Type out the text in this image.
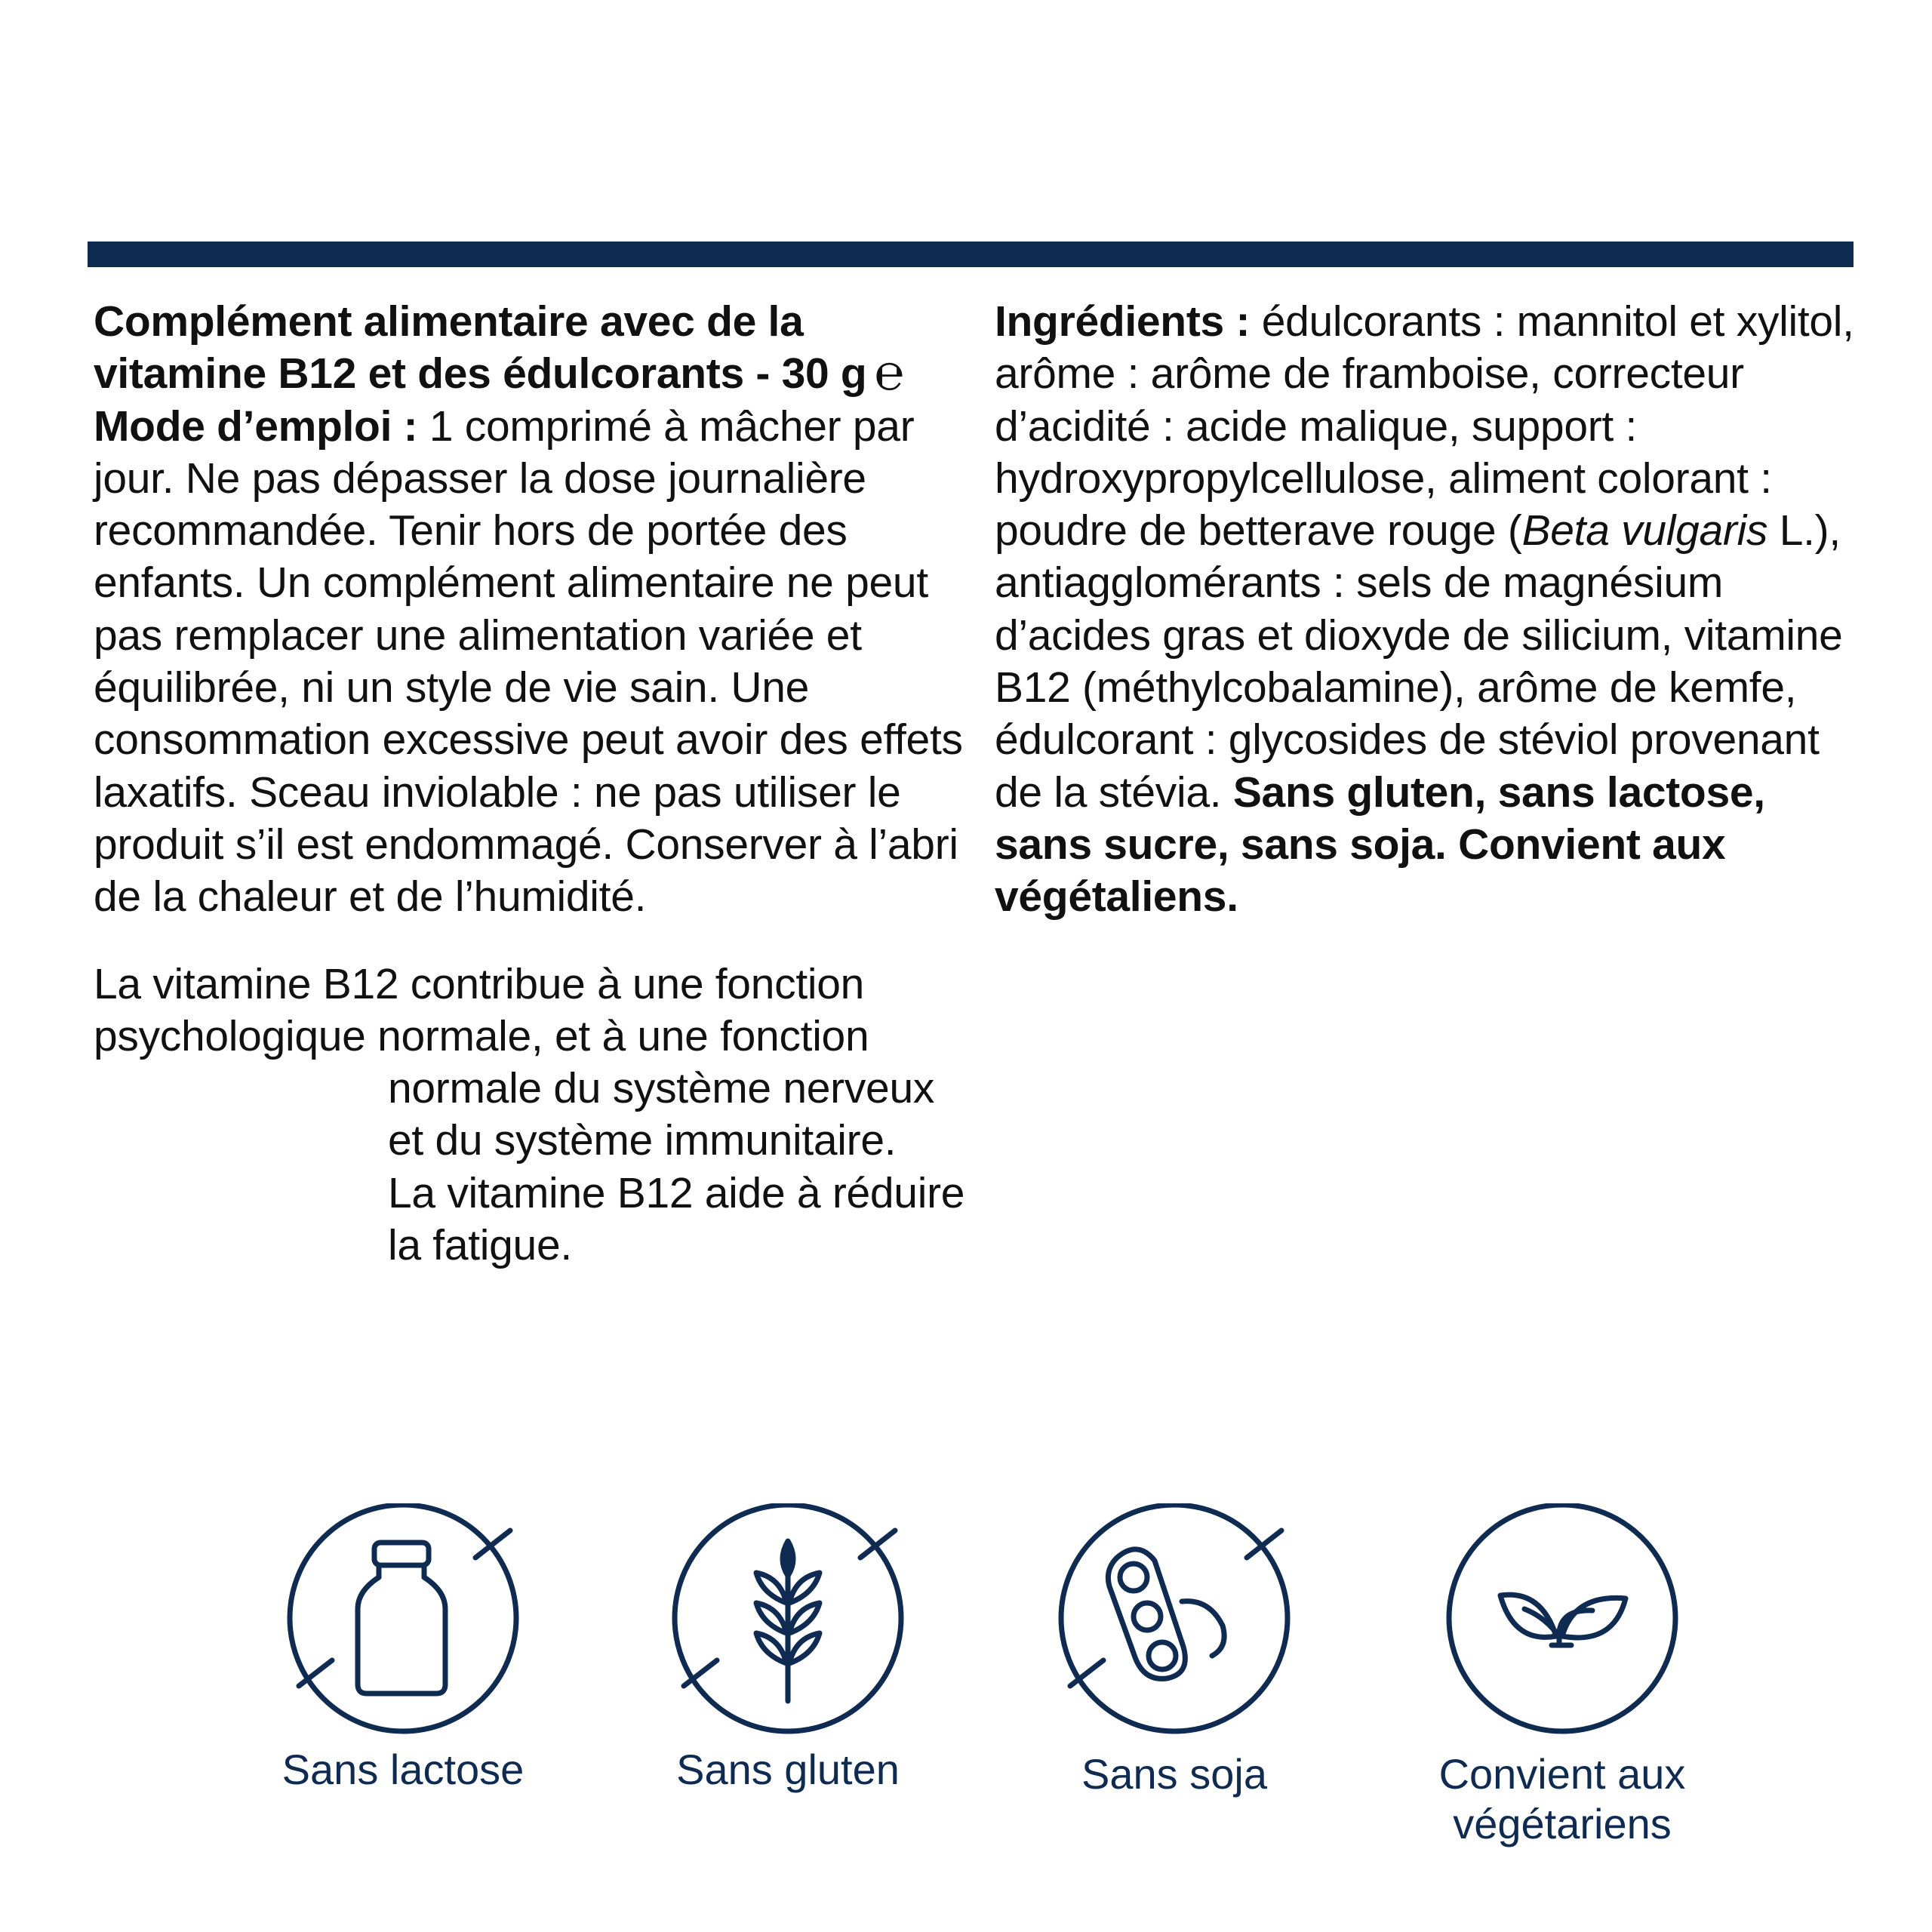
Complément alimentaire avec de la vitamine B12 et des édulcorants - 30 g ℮

Mode d’emploi : 1 comprimé à mâcher par jour. Ne pas dépasser la dose journalière recommandée. Tenir hors de portée des enfants. Un complément alimentaire ne peut pas remplacer une alimentation variée et équilibrée, ni un style de vie sain. Une consommation excessive peut avoir des effets laxatifs. Sceau inviolable : ne pas utiliser le produit s’il est endommagé. Conserver à l’abri de la chaleur et de l’humidité.

La vitamine B12 contribue à une fonction
psychologique normale, et à une fonction
normale du système nerveux
et du système immunitaire.
La vitamine B12 aide à réduire
la fatigue.

Ingrédients : édulcorants : mannitol et xylitol, arôme : arôme de framboise, correcteur d’acidité : acide malique, support : hydroxypropylcellulose, aliment colorant : poudre de betterave rouge (Beta vulgaris L.), antiagglomérants : sels de magnésium d’acides gras et dioxyde de silicium, vitamine B12 (méthylcobalamine), arôme de kemfe, édulcorant : glycosides de stéviol provenant de la stévia. Sans gluten, sans lactose, sans sucre, sans soja. Convient aux végétaliens.

Sans lactose	Sans gluten	Sans soja	Convient aux
végétariens
